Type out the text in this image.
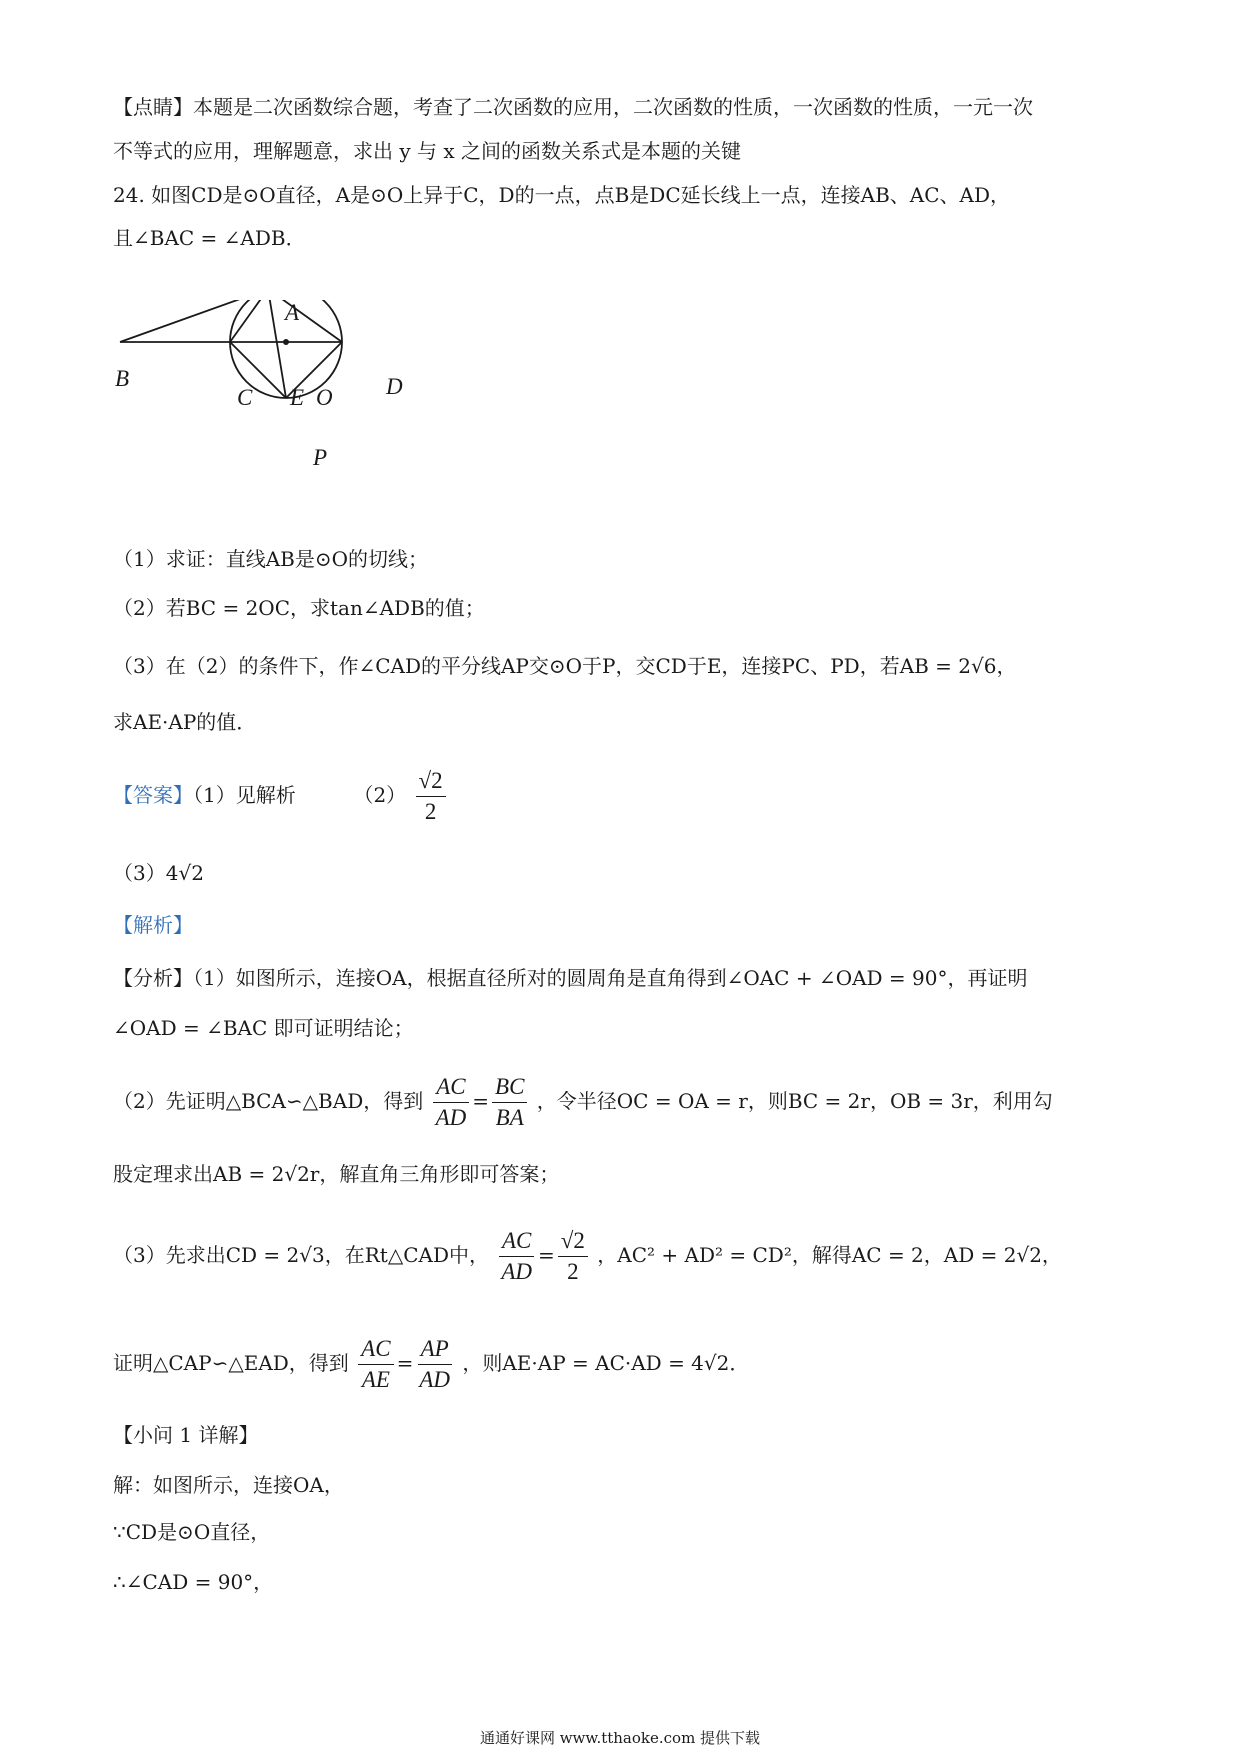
【点睛】本题是二次函数综合题，考查了二次函数的应用，二次函数的性质，一次函数的性质，一元一次
不等式的应用，理解题意，求出 y 与 x 之间的函数关系式是本题的关键
24. 如图CD是⊙O直径，A是⊙O上异于C，D的一点，点B是DC延长线上一点，连接AB、AC、AD，
且∠BAC = ∠ADB．
A
B
C E O D
P
（1）求证：直线AB是⊙O的切线；
（2）若BC = 2OC，求tan∠ADB的值；
（3）在（2）的条件下，作∠CAD的平分线AP交⊙O于P，交CD于E，连接PC、PD，若AB = 2√6，
求AE·AP的值．
【答案】（1）见解析	$(2) \frac{√2}{2}$
（3）4√2
【解析】
【分析】（1）如图所示，连接OA，根据直径所对的圆周角是直角得到∠OAC + ∠OAD = 90°，再证明
∠OAD = ∠BAC 即可证明结论；
（2）先证明△BCA∽△BAD，得到 $\frac{AC}{AD} = \frac{BC}{BA}$ ，令半径OC = OA = r，则BC = 2r，OB = 3r，利用勾
股定理求出AB = 2√2r，解直角三角形即可答案；
（3）先求出CD = 2√3，在Rt△CAD中， $\frac{AC}{AD} = \frac{√2}{2}$ ，AC² + AD² = CD²，解得AC = 2，AD = 2√2，
证明△CAP∽△EAD，得到 $\frac{AC}{AE} = \frac{AP}{AD}$ ，则AE·AP = AC·AD = 4√2．
【小问 1 详解】
解：如图所示，连接OA，
∵CD是⊙O直径，
∴∠CAD = 90°，
通通好课网 www.tthaoke.com 提供下载
